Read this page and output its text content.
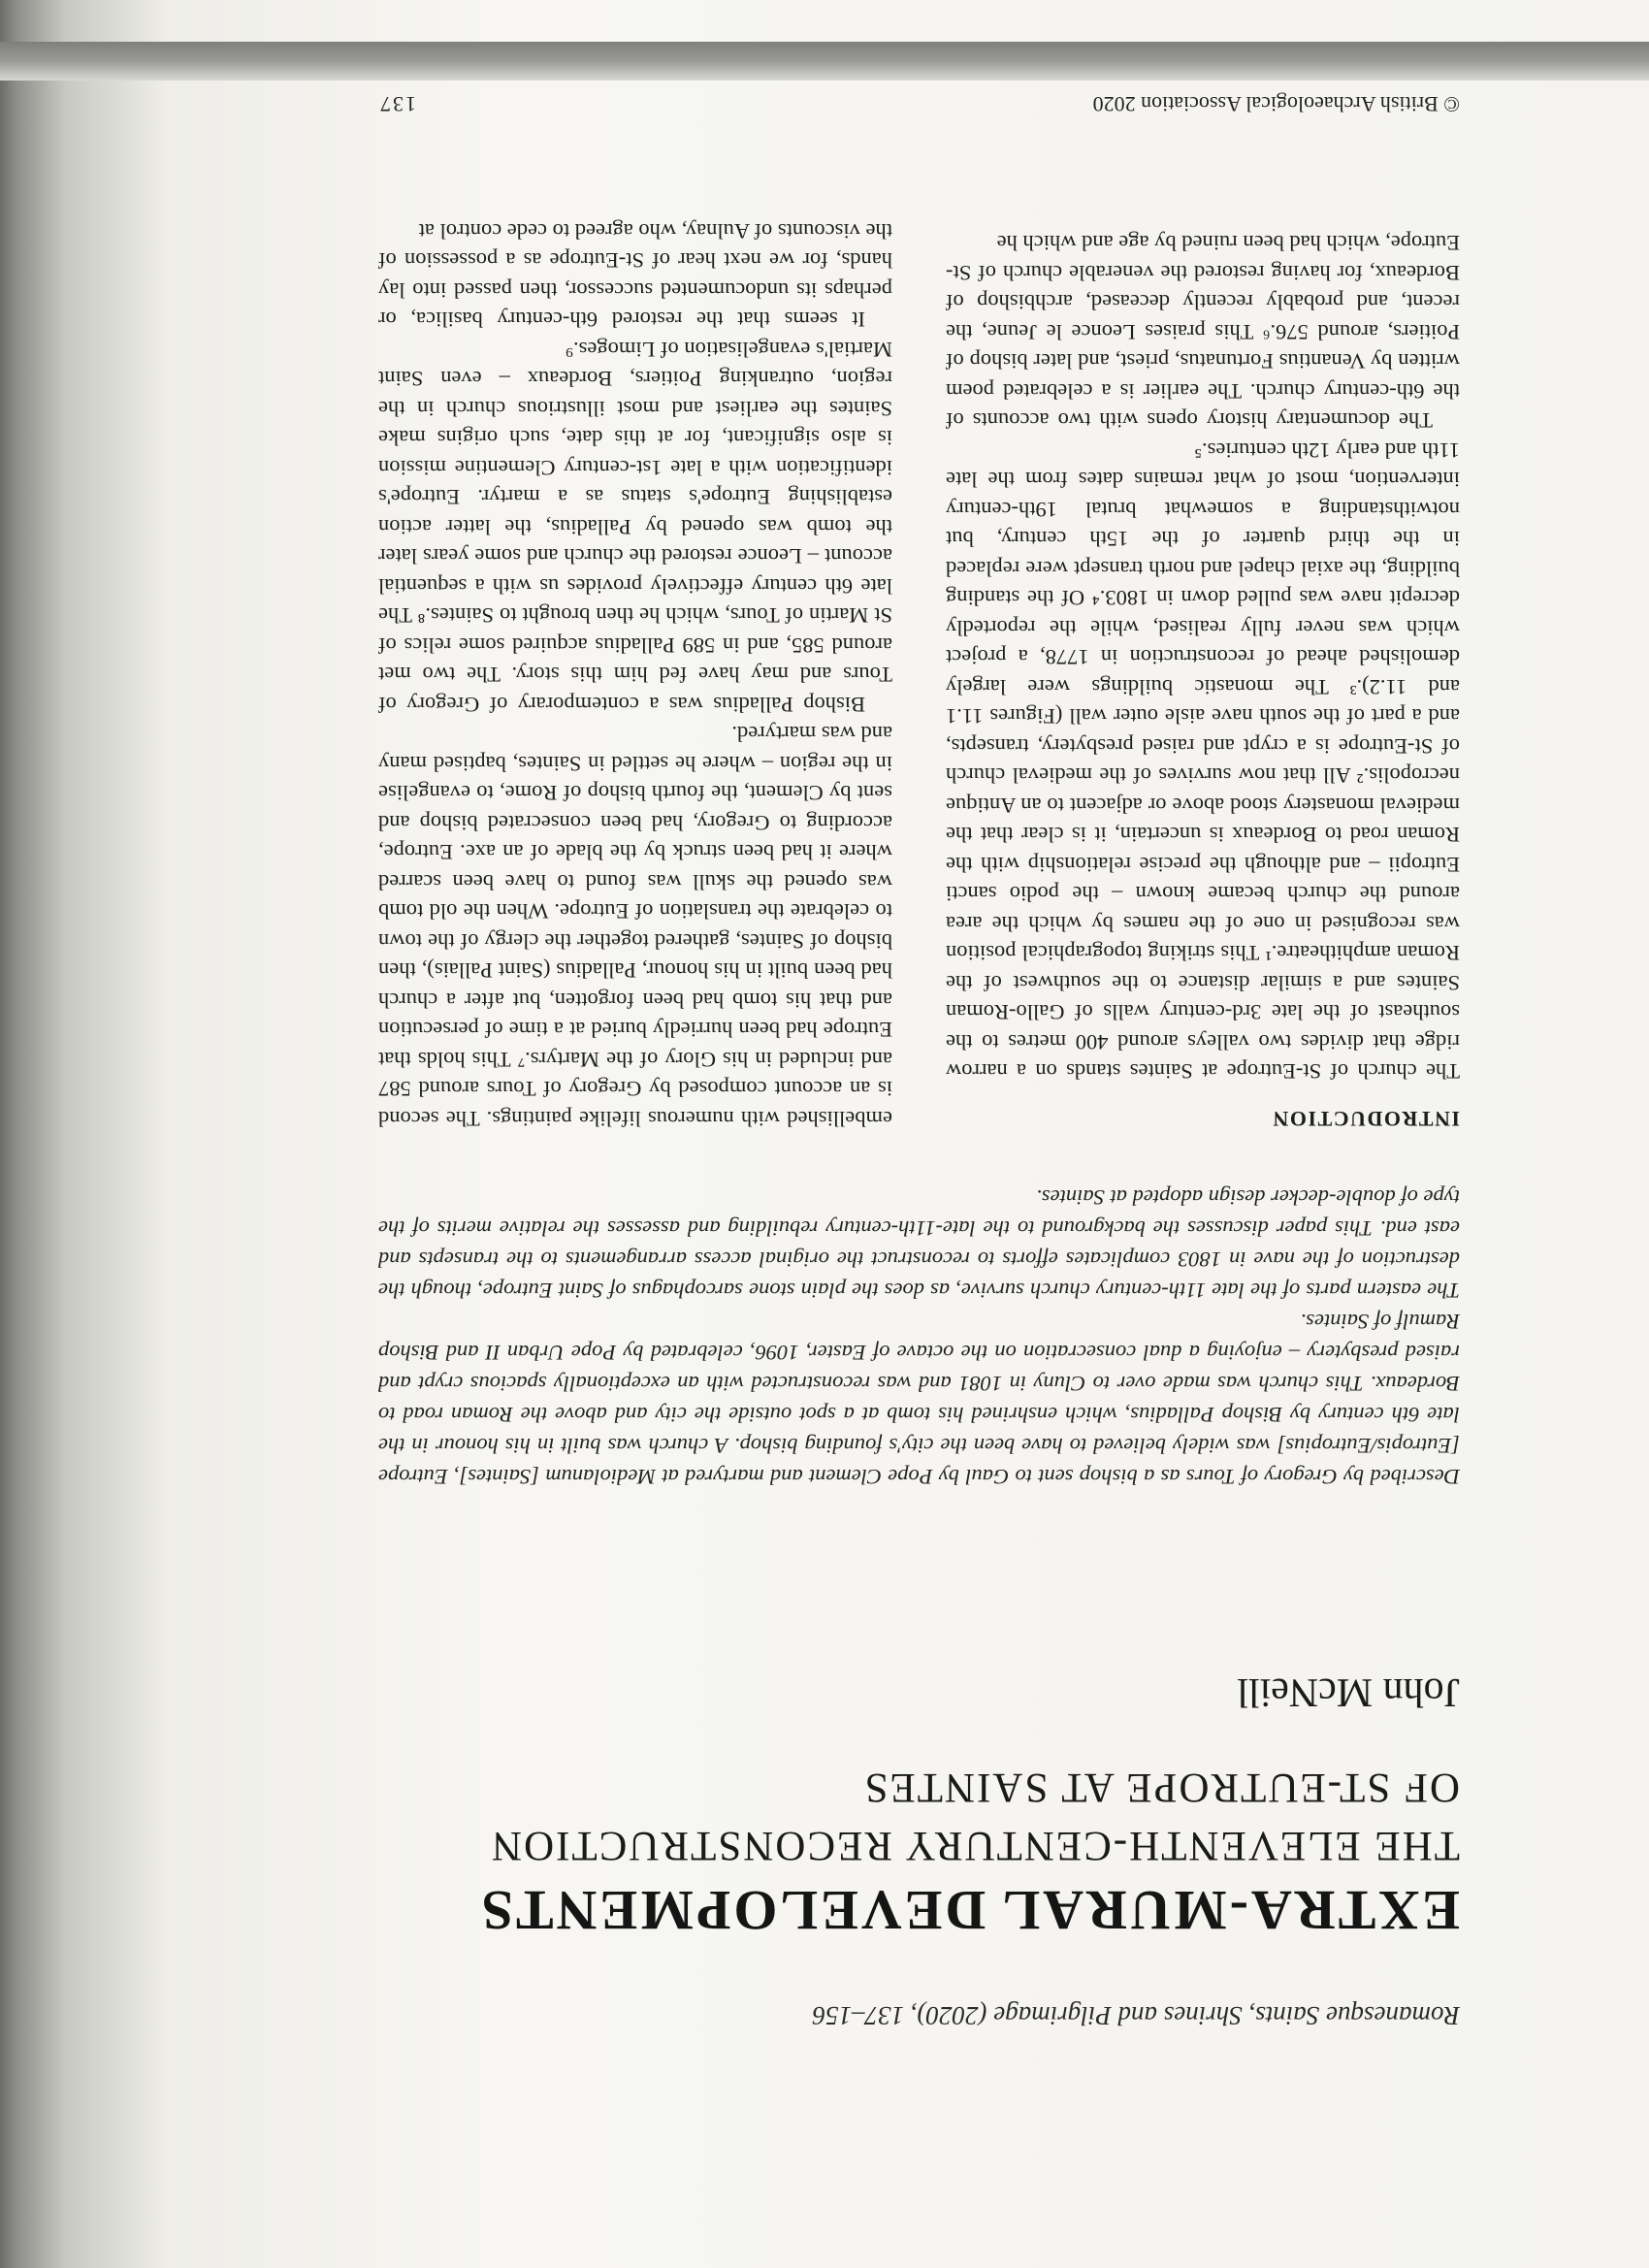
Romanesque Saints, Shrines and Pilgrimage (2020), 137–156
EXTRA-MURAL DEVELOPMENTS
THE ELEVENTH-CENTURY RECONSTRUCTION
OF ST-EUTROPE AT SAINTES
John McNeill

Described by Gregory of Tours as a bishop sent to Gaul by Pope Clement and martyred at Mediolanum [Saintes], Eutrope [Eutropis/Eutropius] was widely believed to have been the city's founding bishop. A church was built in his honour in the late 6th century by Bishop Palladius, which enshrined his tomb at a spot outside the city and above the Roman road to Bordeaux. This church was made over to Cluny in 1081 and was reconstructed with an exceptionally spacious crypt and raised presbytery – enjoying a dual consecration on the octave of Easter, 1096, celebrated by Pope Urban II and Bishop Ramulf of Saintes.

The eastern parts of the late 11th-century church survive, as does the plain stone sarcophagus of Saint Eutrope, though the destruction of the nave in 1803 complicates efforts to reconstruct the original access arrangements to the transepts and east end. This paper discusses the background to the late-11th-century rebuilding and assesses the relative merits of the type of double-decker design adopted at Saintes.

INTRODUCTION

The church of St-Eutrope at Saintes stands on a narrow ridge that divides two valleys around 400 metres to the southeast of the late 3rd-century walls of Gallo-Roman Saintes and a similar distance to the southwest of the Roman amphitheatre.¹ This striking topographical position was recognised in one of the names by which the area around the church became known – the podio sancti Eutropii – and although the precise relationship with the Roman road to Bordeaux is uncertain, it is clear that the medieval monastery stood above or adjacent to an Antique necropolis.² All that now survives of the medieval church of St-Eutrope is a crypt and raised presbytery, transepts, and a part of the south nave aisle outer wall (Figures 11.1 and 11.2).³ The monastic buildings were largely demolished ahead of reconstruction in 1778, a project which was never fully realised, while the reportedly decrepit nave was pulled down in 1803.⁴ Of the standing building, the axial chapel and north transept were replaced in the third quarter of the 15th century, but notwithstanding a somewhat brutal 19th-century intervention, most of what remains dates from the late 11th and early 12th centuries.⁵

The documentary history opens with two accounts of the 6th-century church. The earlier is a celebrated poem written by Venantius Fortunatus, priest, and later bishop of Poitiers, around 576.⁶ This praises Leonce le Jeune, the recent, and probably recently deceased, archbishop of Bordeaux, for having restored the venerable church of St-Eutrope, which had been ruined by age and which he

embellished with numerous lifelike paintings. The second is an account composed by Gregory of Tours around 587 and included in his Glory of the Martyrs.⁷ This holds that Eutrope had been hurriedly buried at a time of persecution and that his tomb had been forgotten, but after a church had been built in his honour, Palladius (Saint Pallais), then bishop of Saintes, gathered together the clergy of the town to celebrate the translation of Eutrope. When the old tomb was opened the skull was found to have been scarred where it had been struck by the blade of an axe. Eutrope, according to Gregory, had been consecrated bishop and sent by Clement, the fourth bishop of Rome, to evangelise in the region – where he settled in Saintes, baptised many and was martyred.

Bishop Palladius was a contemporary of Gregory of Tours and may have fed him this story. The two met around 585, and in 589 Palladius acquired some relics of St Martin of Tours, which he then brought to Saintes.⁸ The late 6th century effectively provides us with a sequential account – Leonce restored the church and some years later the tomb was opened by Palladius, the latter action establishing Eutrope's status as a martyr. Eutrope's identification with a late 1st-century Clementine mission is also significant, for at this date, such origins make Saintes the earliest and most illustrious church in the region, outranking Poitiers, Bordeaux – even Saint Martial's evangelisation of Limoges.⁹

It seems that the restored 6th-century basilica, or perhaps its undocumented successor, then passed into lay hands, for we next hear of St-Eutrope as a possession of the viscounts of Aulnay, who agreed to cede control at

© British Archaeological Association 2020
137
